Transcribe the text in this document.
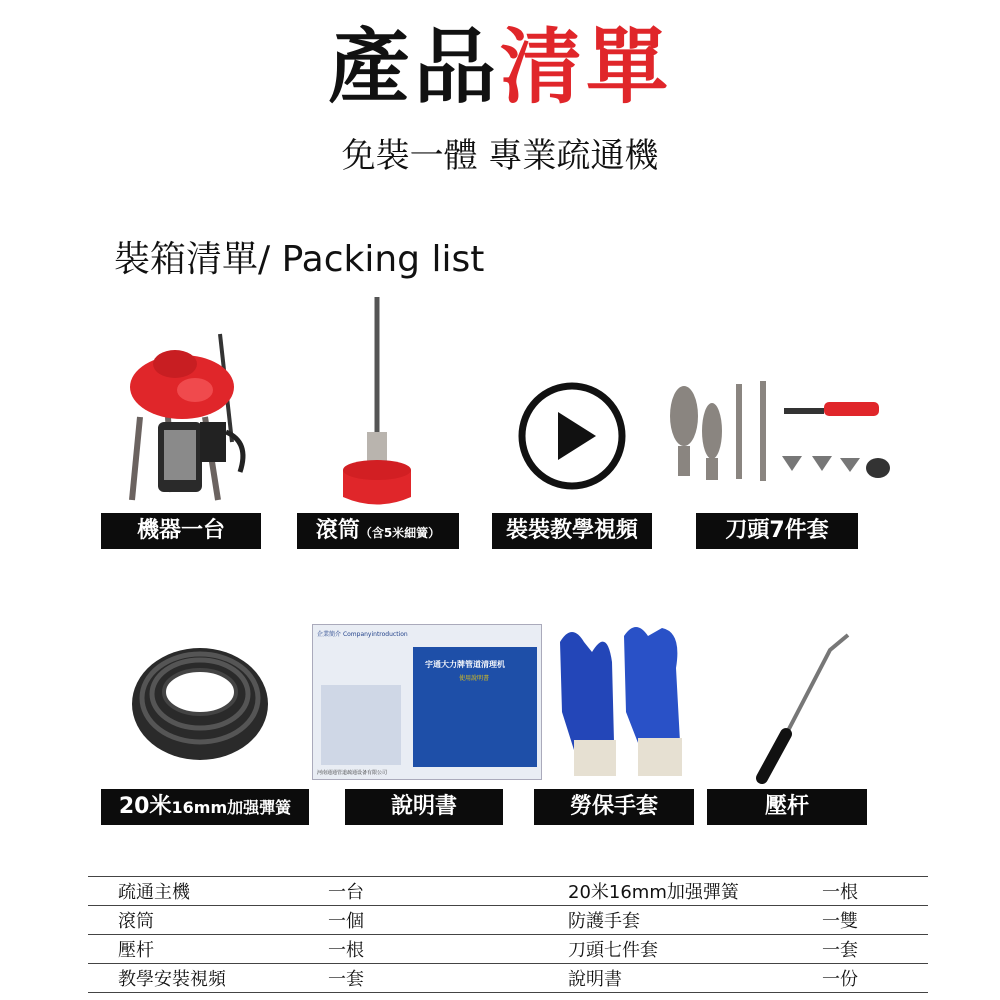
產品清單
免裝一體 專業疏通機
裝箱清單/ Packing list
機器一台	滾筒（含5米細簧）	裝裝教學視頻	刀頭7件套
企業簡介 Companyintroduction
宇通大力牌管道清理机
使用說明書
河南通通管道疏通设备有限公司
20米16mm加强彈簧	說明書	勞保手套	壓杆
疏通主機	一台	20米16mm加强彈簧	一根
滾筒	一個	防護手套	一雙
壓杆	一根	刀頭七件套	一套
教學安裝視頻	一套	說明書	一份
